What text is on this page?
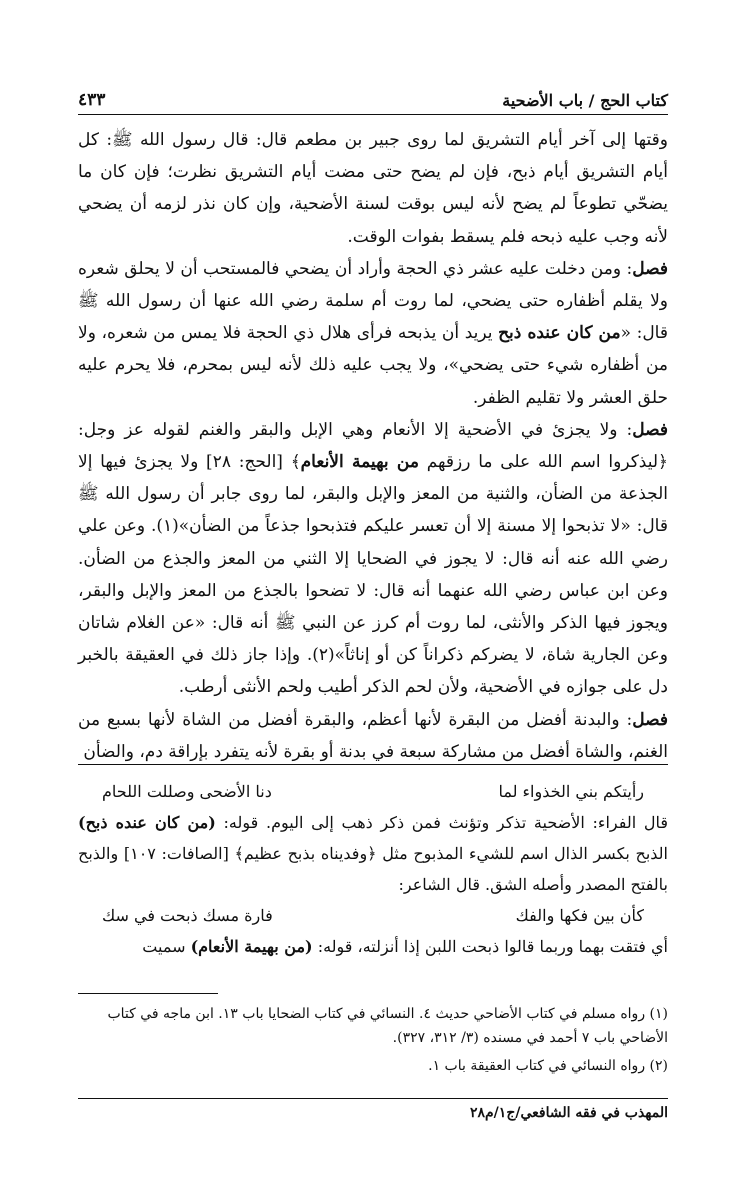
كتاب الحج / باب الأضحية
٤٣٣

وقتها إلى آخر أيام التشريق لما روى جبير بن مطعم قال: قال رسول الله ﷺ: كل أيام التشريق أيام ذبح، فإن لم يضح حتى مضت أيام التشريق نظرت؛ فإن كان ما يضحّي تطوعاً لم يضح لأنه ليس بوقت لسنة الأضحية، وإن كان نذر لزمه أن يضحي لأنه وجب عليه ذبحه فلم يسقط بفوات الوقت.

فصل: ومن دخلت عليه عشر ذي الحجة وأراد أن يضحي فالمستحب أن لا يحلق شعره ولا يقلم أظفاره حتى يضحي، لما روت أم سلمة رضي الله عنها أن رسول الله ﷺ قال: «من كان عنده ذبح يريد أن يذبحه فرأى هلال ذي الحجة فلا يمس من شعره، ولا من أظفاره شيء حتى يضحي»، ولا يجب عليه ذلك لأنه ليس بمحرم، فلا يحرم عليه حلق العشر ولا تقليم الظفر.

فصل: ولا يجزئ في الأضحية إلا الأنعام وهي الإبل والبقر والغنم لقوله عز وجل: ﴿ليذكروا اسم الله على ما رزقهم من بهيمة الأنعام﴾ [الحج: ٢٨] ولا يجزئ فيها إلا الجذعة من الضأن، والثنية من المعز والإبل والبقر، لما روى جابر أن رسول الله ﷺ قال: «لا تذبحوا إلا مسنة إلا أن تعسر عليكم فتذبحوا جذعاً من الضأن»(١). وعن علي رضي الله عنه أنه قال: لا يجوز في الضحايا إلا الثني من المعز والجذع من الضأن. وعن ابن عباس رضي الله عنهما أنه قال: لا تضحوا بالجذع من المعز والإبل والبقر، ويجوز فيها الذكر والأنثى، لما روت أم كرز عن النبي ﷺ أنه قال: «عن الغلام شاتان وعن الجارية شاة، لا يضركم ذكراناً كن أو إناثاً»(٢). وإذا جاز ذلك في العقيقة بالخبر دل على جوازه في الأضحية، ولأن لحم الذكر أطيب ولحم الأنثى أرطب.

فصل: والبدنة أفضل من البقرة لأنها أعظم، والبقرة أفضل من الشاة لأنها بسبع من الغنم، والشاة أفضل من مشاركة سبعة في بدنة أو بقرة لأنه يتفرد بإراقة دم، والضأن

رأيتكم بني الخذواء لما
دنا الأضحى وصللت اللحام

قال الفراء: الأضحية تذكر وتؤنث فمن ذكر ذهب إلى اليوم. قوله: (من كان عنده ذبح) الذبح بكسر الذال اسم للشيء المذبوح مثل ﴿وفديناه بذبح عظيم﴾ [الصافات: ١٠٧] والذبح بالفتح المصدر وأصله الشق. قال الشاعر:

كأن بين فكها والفك
فارة مسك ذبحت في سك

أي فتقت بهما وربما قالوا ذبحت اللبن إذا أنزلته، قوله: (من بهيمة الأنعام) سميت

(١) رواه مسلم في كتاب الأضاحي حديث ٤. النسائي في كتاب الضحايا باب ١٣. ابن ماجه في كتاب الأضاحي باب ٧ أحمد في مسنده (٣/ ٣١٢، ٣٢٧).

(٢) رواه النسائي في كتاب العقيقة باب ١.

المهذب في فقه الشافعي/ج١/م٢٨
